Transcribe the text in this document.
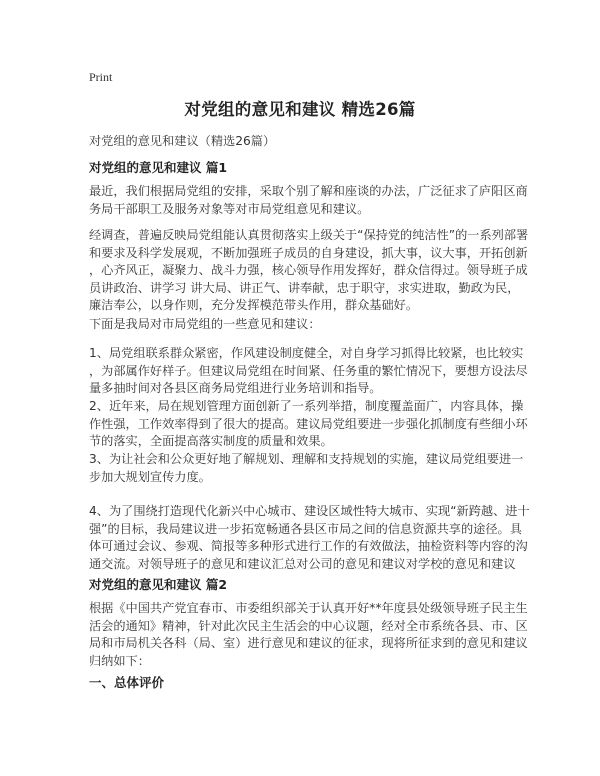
Print
对党组的意见和建议 精选26篇
对党组的意见和建议（精选26篇）
对党组的意见和建议 篇1

最近，我们根据局党组的安排，采取个别了解和座谈的办法，广泛征求了庐阳区商
务局干部职工及服务对象等对市局党组意见和建议。

经调查，普遍反映局党组能认真贯彻落实上级关于“保持党的纯洁性”的一系列部署
和要求及科学发展观，不断加强班子成员的自身建设，抓大事，议大事，开拓创新
，心齐风正，凝聚力、战斗力强，核心领导作用发挥好，群众信得过。领导班子成
员讲政治、讲学习 讲大局、讲正气、讲奉献，忠于职守，求实进取，勤政为民，
廉洁奉公，以身作则，充分发挥模范带头作用，群众基础好。

下面是我局对市局党组的一些意见和建议：

1、局党组联系群众紧密，作风建设制度健全，对自身学习抓得比较紧，也比较实
，为部属作好样子。但建议局党组在时间紧、任务重的繁忙情况下，要想方设法尽
量多抽时间对各县区商务局党组进行业务培训和指导。

2、近年来，局在规划管理方面创新了一系列举措，制度覆盖面广，内容具体，操
作性强，工作效率得到了很大的提高。建议局党组要进一步强化抓制度有些细小环
节的落实，全面提高落实制度的质量和效果。

3、为让社会和公众更好地了解规划、理解和支持规划的实施，建议局党组要进一
步加大规划宣传力度。

4、为了围绕打造现代化新兴中心城市、建设区域性特大城市、实现“新跨越、进十
强”的目标，我局建议进一步拓宽畅通各县区市局之间的信息资源共享的途径。具
体可通过会议、参观、简报等多种形式进行工作的有效做法，抽检资料等内容的沟
通交流。对领导班子的意见和建议汇总对公司的意见和建议对学校的意见和建议

对党组的意见和建议 篇2

根据《中国共产党宜春市、市委组织部关于认真开好**年度县处级领导班子民主生
活会的通知》精神，针对此次民主生活会的中心议题，经对全市系统各县、市、区
局和市局机关各科（局、室）进行意见和建议的征求，现将所征求到的意见和建议
归纳如下：

一、总体评价
